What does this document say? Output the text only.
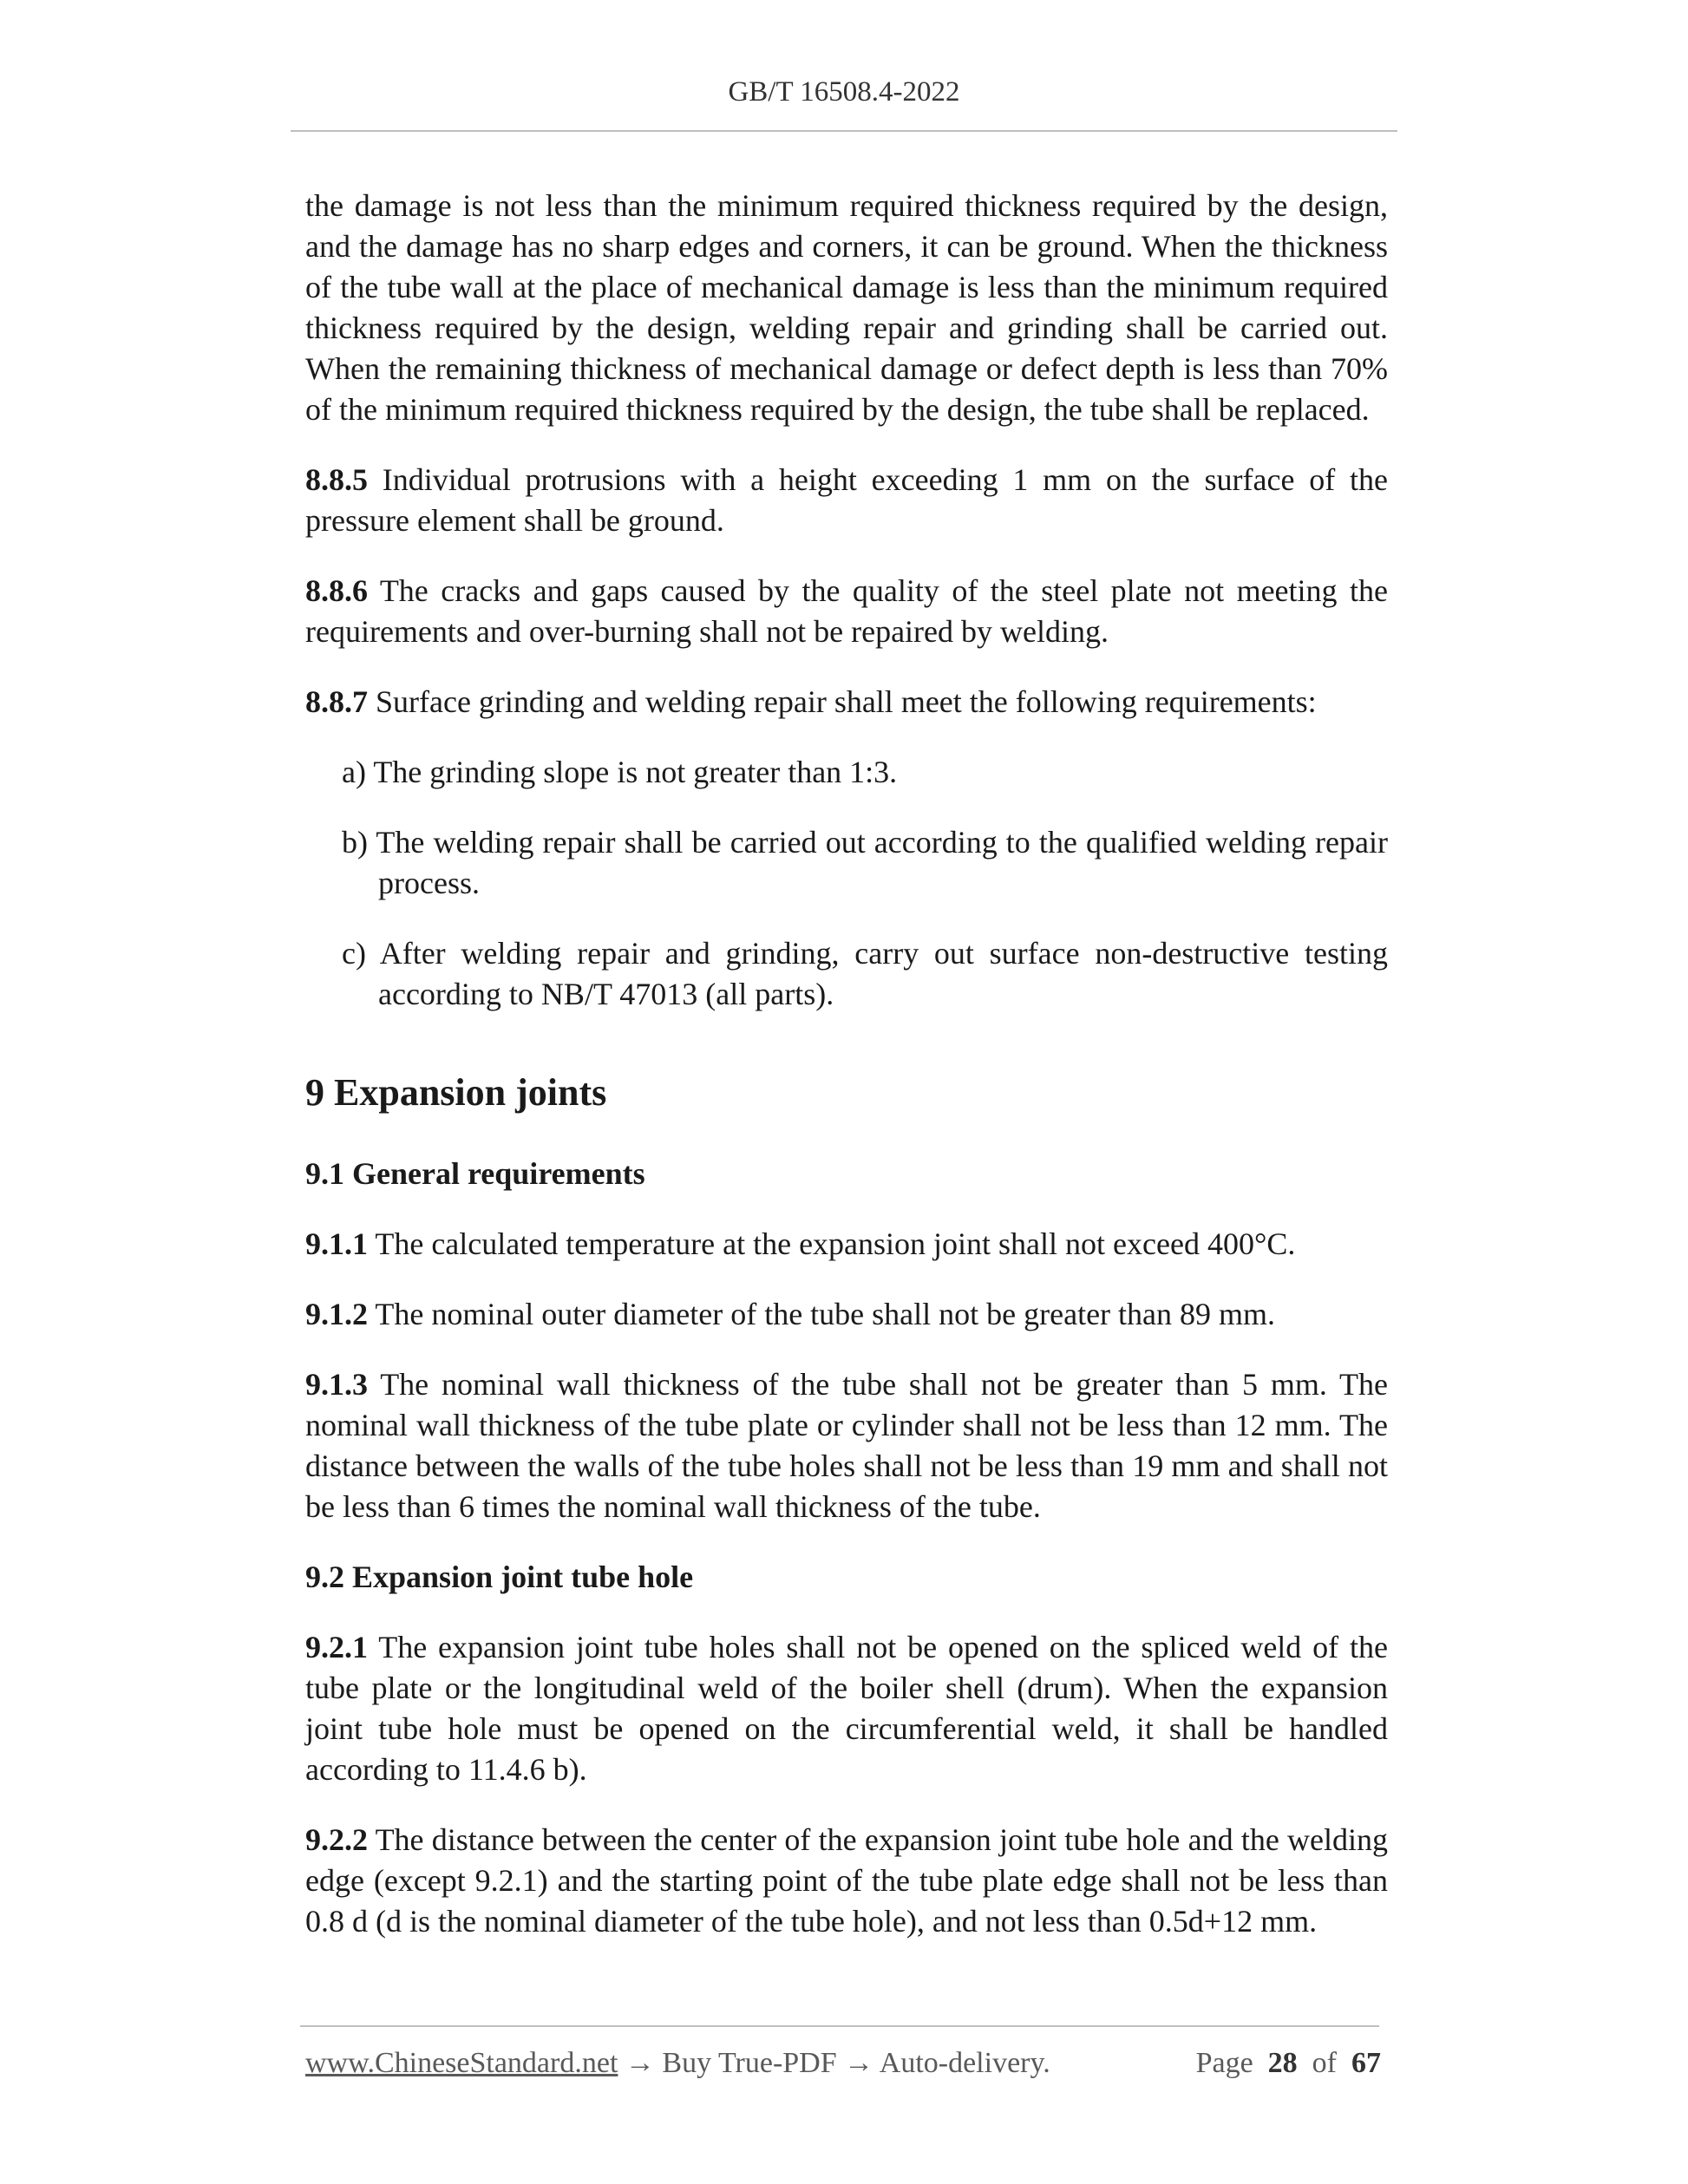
GB/T 16508.4-2022

the damage is not less than the minimum required thickness required by the design, and the damage has no sharp edges and corners, it can be ground. When the thickness of the tube wall at the place of mechanical damage is less than the minimum required thickness required by the design, welding repair and grinding shall be carried out. When the remaining thickness of mechanical damage or defect depth is less than 70% of the minimum required thickness required by the design, the tube shall be replaced.

8.8.5 Individual protrusions with a height exceeding 1 mm on the surface of the pressure element shall be ground.

8.8.6 The cracks and gaps caused by the quality of the steel plate not meeting the requirements and over-burning shall not be repaired by welding.

8.8.7 Surface grinding and welding repair shall meet the following requirements:

a) The grinding slope is not greater than 1:3.

b) The welding repair shall be carried out according to the qualified welding repair process.

c) After welding repair and grinding, carry out surface non-destructive testing according to NB/T 47013 (all parts).

9 Expansion joints
9.1 General requirements

9.1.1 The calculated temperature at the expansion joint shall not exceed 400°C.

9.1.2 The nominal outer diameter of the tube shall not be greater than 89 mm.

9.1.3 The nominal wall thickness of the tube shall not be greater than 5 mm. The nominal wall thickness of the tube plate or cylinder shall not be less than 12 mm. The distance between the walls of the tube holes shall not be less than 19 mm and shall not be less than 6 times the nominal wall thickness of the tube.

9.2 Expansion joint tube hole

9.2.1 The expansion joint tube holes shall not be opened on the spliced weld of the tube plate or the longitudinal weld of the boiler shell (drum). When the expansion joint tube hole must be opened on the circumferential weld, it shall be handled according to 11.4.6 b).

9.2.2 The distance between the center of the expansion joint tube hole and the welding edge (except 9.2.1) and the starting point of the tube plate edge shall not be less than 0.8 d (d is the nominal diameter of the tube hole), and not less than 0.5d+12 mm.

www.ChineseStandard.net → Buy True-PDF → Auto-delivery.	Page 28 of 67
